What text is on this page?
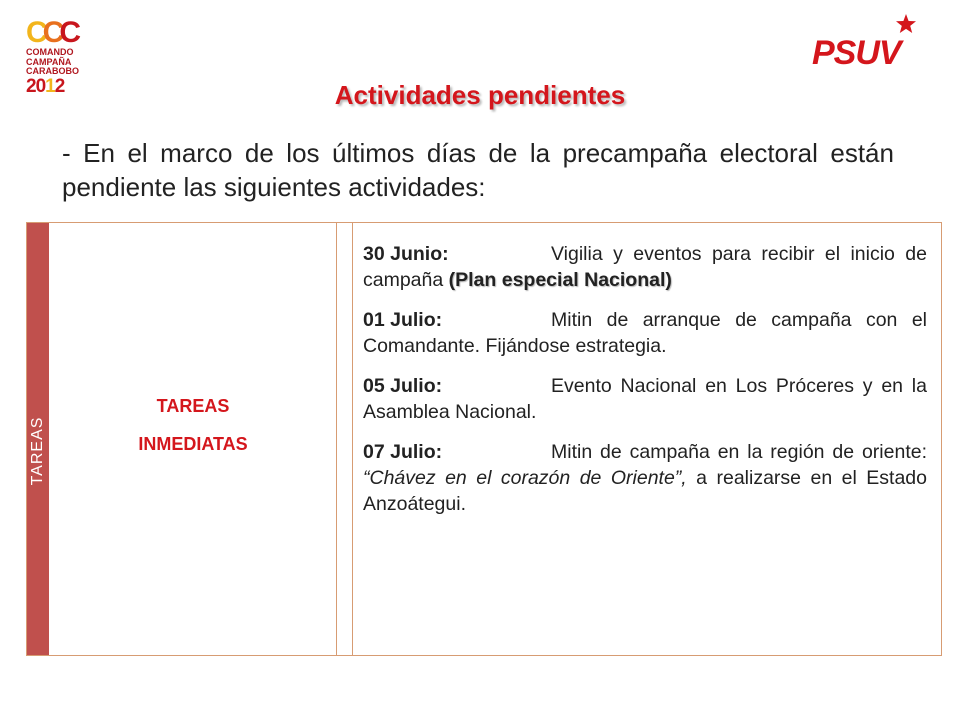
C C C
COMANDO
CAMPAÑA
CARABOBO
2012
PSUV
Actividades pendientes
- En el marco de los últimos días de la precampaña electoral están pendiente las siguientes actividades:
TAREAS
TAREAS
INMEDIATAS
30 Junio:	Vigilia y eventos para recibir el inicio de campaña (Plan especial Nacional)
01 Julio:	Mitin de arranque de campaña con el Comandante. Fijándose estrategia.
05 Julio:	Evento Nacional en Los Próceres y en la Asamblea Nacional.
07 Julio:	Mitin de campaña en la región de oriente: “Chávez en el corazón de Oriente”, a realizarse en el Estado Anzoátegui.
